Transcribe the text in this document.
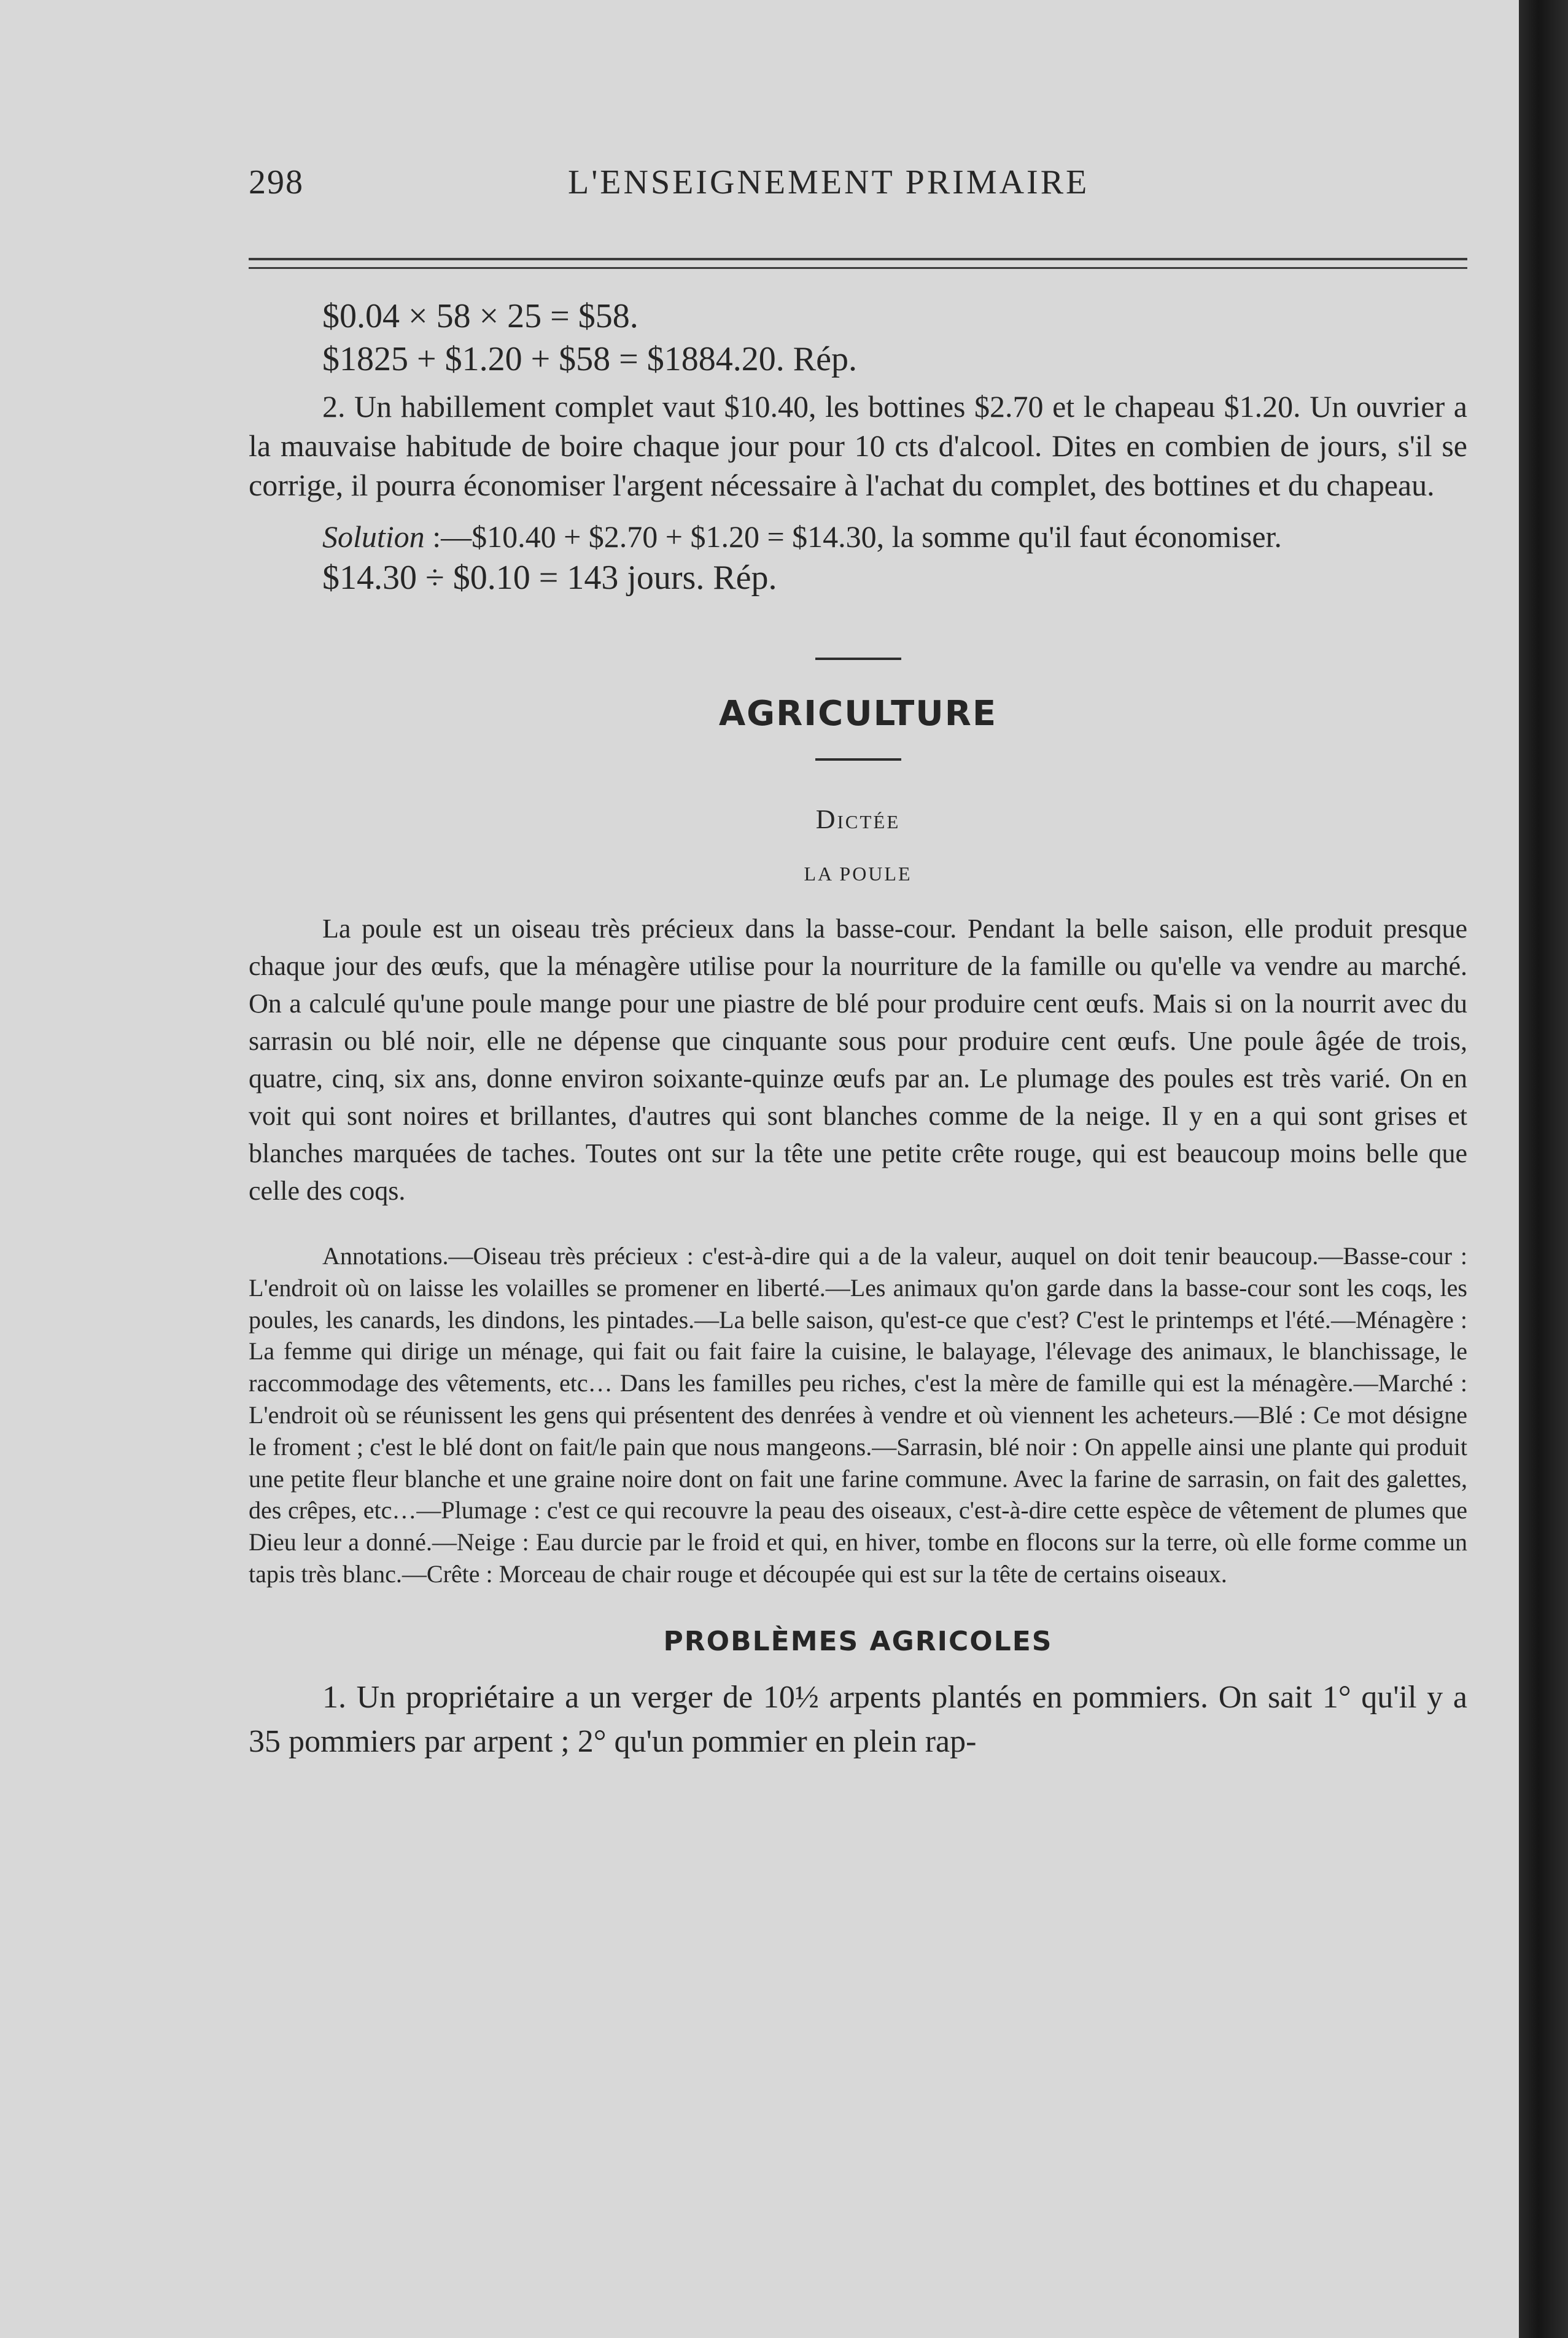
298	L'ENSEIGNEMENT PRIMAIRE

$0.04 × 58 × 25 = $58.

$1825 + $1.20 + $58 = $1884.20. Rép.

2. Un habillement complet vaut $10.40, les bottines $2.70 et le chapeau $1.20. Un ouvrier a la mauvaise habitude de boire chaque jour pour 10 cts d'alcool. Dites en combien de jours, s'il se corrige, il pourra économiser l'argent nécessaire à l'achat du complet, des bottines et du chapeau.

Solution :—$10.40 + $2.70 + $1.20 = $14.30, la somme qu'il faut économiser.

$14.30 ÷ $0.10 = 143 jours. Rép.

AGRICULTURE
Dictée
LA POULE

La poule est un oiseau très précieux dans la basse-cour. Pendant la belle saison, elle produit presque chaque jour des œufs, que la ménagère utilise pour la nourriture de la famille ou qu'elle va vendre au marché. On a calculé qu'une poule mange pour une piastre de blé pour produire cent œufs. Mais si on la nourrit avec du sarrasin ou blé noir, elle ne dépense que cinquante sous pour produire cent œufs. Une poule âgée de trois, quatre, cinq, six ans, donne environ soixante-quinze œufs par an. Le plumage des poules est très varié. On en voit qui sont noires et brillantes, d'autres qui sont blanches comme de la neige. Il y en a qui sont grises et blanches marquées de taches. Toutes ont sur la tête une petite crête rouge, qui est beaucoup moins belle que celle des coqs.

Annotations.—Oiseau très précieux : c'est-à-dire qui a de la valeur, auquel on doit tenir beaucoup.—Basse-cour : L'endroit où on laisse les volailles se promener en liberté.—Les animaux qu'on garde dans la basse-cour sont les coqs, les poules, les canards, les dindons, les pintades.—La belle saison, qu'est-ce que c'est? C'est le printemps et l'été.—Ménagère : La femme qui dirige un ménage, qui fait ou fait faire la cuisine, le balayage, l'élevage des animaux, le blanchissage, le raccommodage des vêtements, etc… Dans les familles peu riches, c'est la mère de famille qui est la ménagère.—Marché : L'endroit où se réunissent les gens qui présentent des denrées à vendre et où viennent les acheteurs.—Blé : Ce mot désigne le froment ; c'est le blé dont on fait/le pain que nous mangeons.—Sarrasin, blé noir : On appelle ainsi une plante qui produit une petite fleur blanche et une graine noire dont on fait une farine commune. Avec la farine de sarrasin, on fait des galettes, des crêpes, etc…—Plumage : c'est ce qui recouvre la peau des oiseaux, c'est-à-dire cette espèce de vêtement de plumes que Dieu leur a donné.—Neige : Eau durcie par le froid et qui, en hiver, tombe en flocons sur la terre, où elle forme comme un tapis très blanc.—Crête : Morceau de chair rouge et découpée qui est sur la tête de certains oiseaux.

PROBLÈMES AGRICOLES

1. Un propriétaire a un verger de 10½ arpents plantés en pommiers. On sait 1° qu'il y a 35 pommiers par arpent ; 2° qu'un pommier en plein rap-
